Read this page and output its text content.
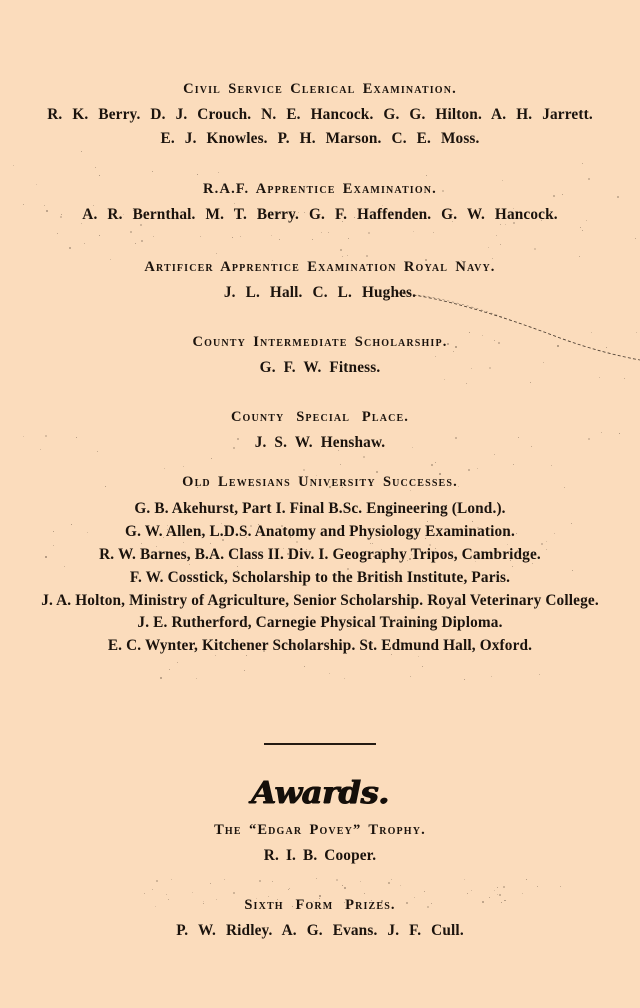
Civil Service Clerical Examination.
R. K. Berry. D. J. Crouch. N. E. Hancock. G. G. Hilton. A. H. Jarrett.
E. J. Knowles. P. H. Marson. C. E. Moss.
R.A.F. Apprentice Examination.
A. R. Bernthal. M. T. Berry. G. F. Haffenden. G. W. Hancock.
Artificer Apprentice Examination Royal Navy.
J. L. Hall. C. L. Hughes.
County Intermediate Scholarship.
G. F. W. Fitness.
County Special Place.
J. S. W. Henshaw.
Old Lewesians University Successes.
G. B. Akehurst, Part I. Final B.Sc. Engineering (Lond.).
G. W. Allen, L.D.S. Anatomy and Physiology Examination.
R. W. Barnes, B.A. Class II. Div. I. Geography Tripos, Cambridge.
F. W. Cosstick, Scholarship to the British Institute, Paris.
J. A. Holton, Ministry of Agriculture, Senior Scholarship. Royal Veterinary College.
J. E. Rutherford, Carnegie Physical Training Diploma.
E. C. Wynter, Kitchener Scholarship. St. Edmund Hall, Oxford.
Awards.
The “Edgar Povey” Trophy.
R. I. B. Cooper.
Sixth Form Prizes.
P. W. Ridley. A. G. Evans. J. F. Cull.
